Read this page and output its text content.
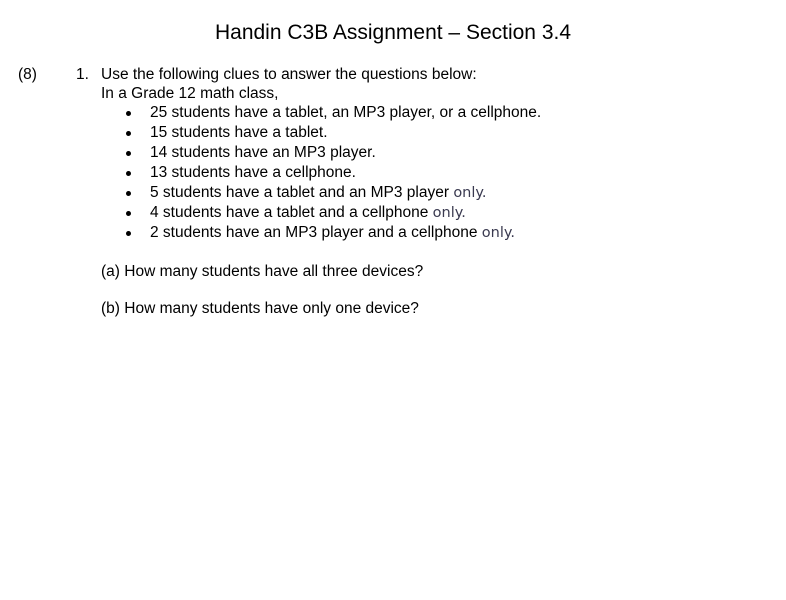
Handin C3B Assignment – Section 3.4
(8)	1. Use the following clues to answer the questions below:
In a Grade 12 math class,
25 students have a tablet, an MP3 player, or a cellphone.
15 students have a tablet.
14 students have an MP3 player.
13 students have a cellphone.
5 students have a tablet and an MP3 player only.
4 students have a tablet and a cellphone only.
2 students have an MP3 player and a cellphone only.
(a) How many students have all three devices?
(b) How many students have only one device?
